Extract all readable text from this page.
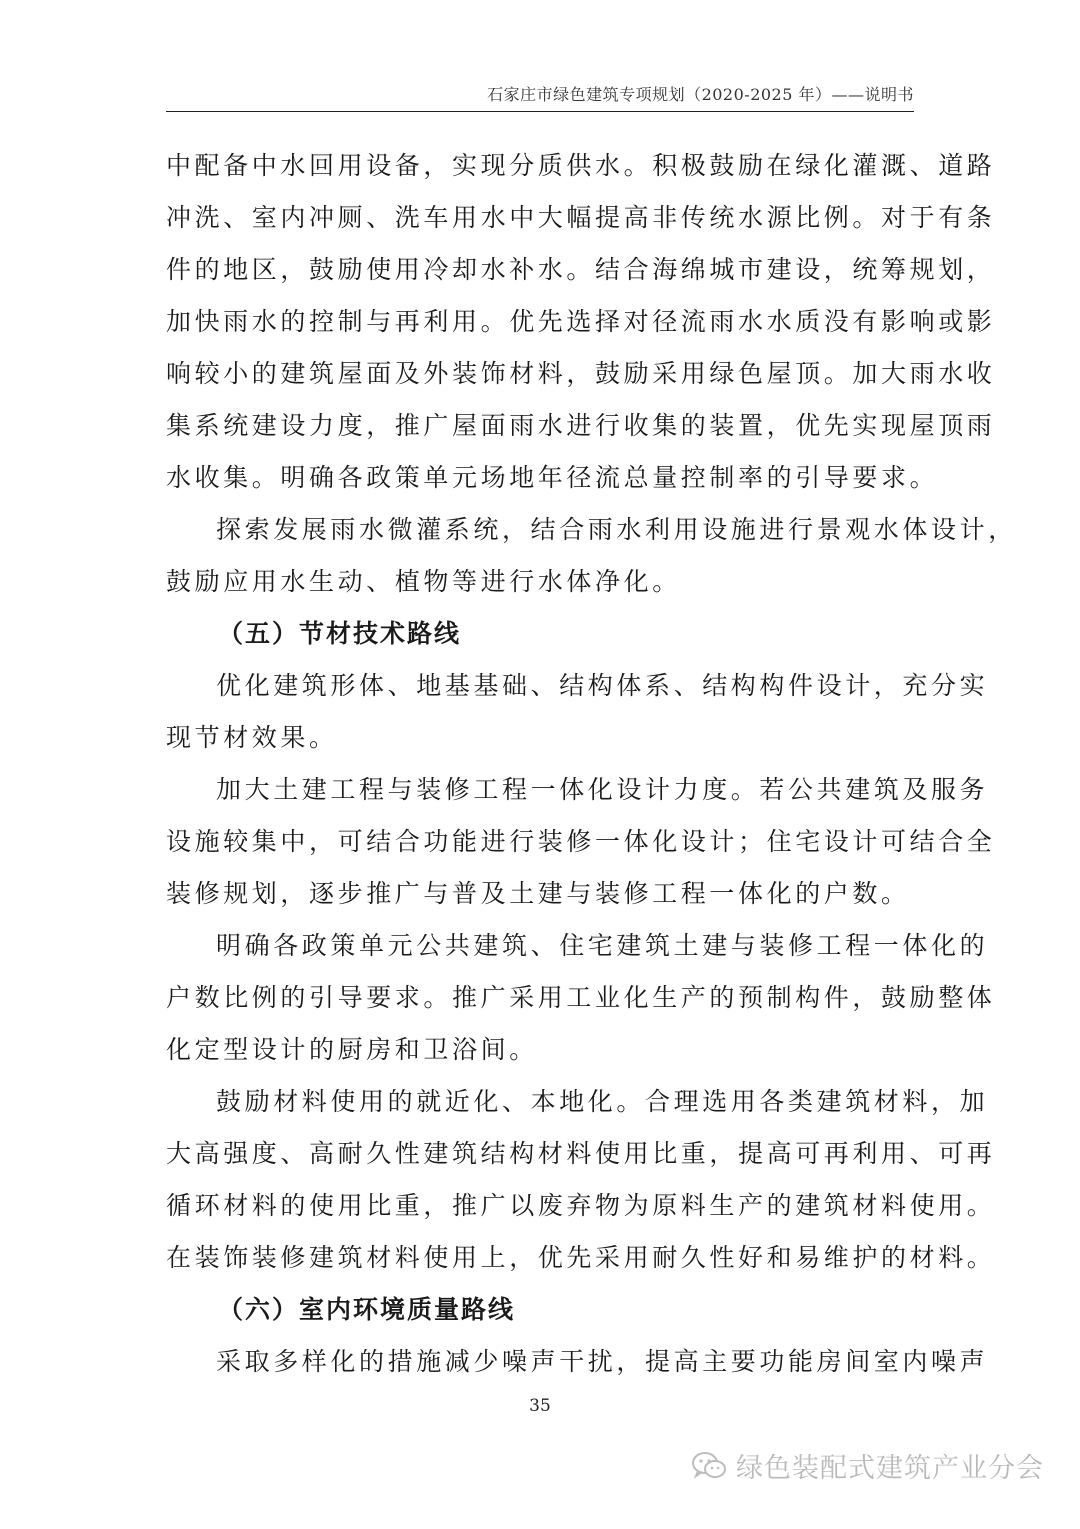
石家庄市绿色建筑专项规划（2020-2025 年）——说明书
中配备中水回用设备，实现分质供水。积极鼓励在绿化灌溉、道路
冲洗、室内冲厕、洗车用水中大幅提高非传统水源比例。对于有条
件的地区，鼓励使用冷却水补水。结合海绵城市建设，统筹规划，
加快雨水的控制与再利用。优先选择对径流雨水水质没有影响或影
响较小的建筑屋面及外装饰材料，鼓励采用绿色屋顶。加大雨水收
集系统建设力度，推广屋面雨水进行收集的装置，优先实现屋顶雨
水收集。明确各政策单元场地年径流总量控制率的引导要求。
探索发展雨水微灌系统，结合雨水利用设施进行景观水体设计，
鼓励应用水生动、植物等进行水体净化。
（五）节材技术路线
优化建筑形体、地基基础、结构体系、结构构件设计，充分实
现节材效果。
加大土建工程与装修工程一体化设计力度。若公共建筑及服务
设施较集中，可结合功能进行装修一体化设计；住宅设计可结合全
装修规划，逐步推广与普及土建与装修工程一体化的户数。
明确各政策单元公共建筑、住宅建筑土建与装修工程一体化的
户数比例的引导要求。推广采用工业化生产的预制构件，鼓励整体
化定型设计的厨房和卫浴间。
鼓励材料使用的就近化、本地化。合理选用各类建筑材料，加
大高强度、高耐久性建筑结构材料使用比重，提高可再利用、可再
循环材料的使用比重，推广以废弃物为原料生产的建筑材料使用。
在装饰装修建筑材料使用上，优先采用耐久性好和易维护的材料。
（六）室内环境质量路线
采取多样化的措施减少噪声干扰，提高主要功能房间室内噪声
35
绿色装配式建筑产业分会
